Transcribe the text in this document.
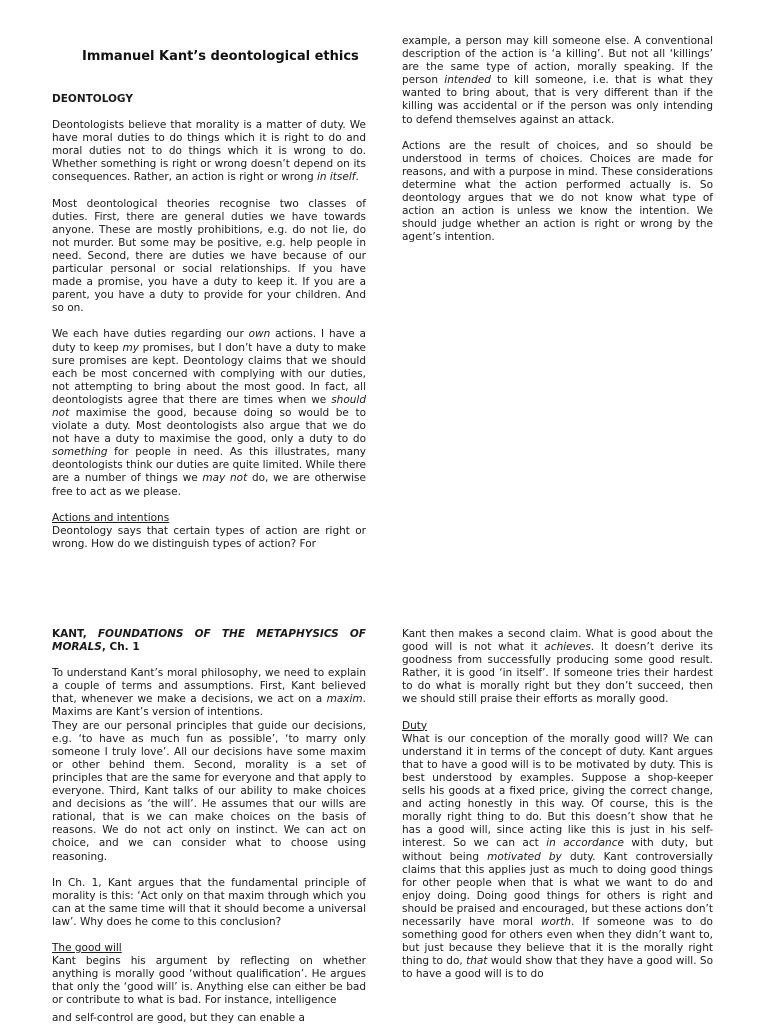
Immanuel Kant’s deontological ethics

DEONTOLOGY

Deontologists believe that morality is a matter of duty. We have moral duties to do things which it is right to do and moral duties not to do things which it is wrong to do. Whether something is right or wrong doesn’t depend on its consequences. Rather, an action is right or wrong in itself.

Most deontological theories recognise two classes of duties. First, there are general duties we have towards anyone. These are mostly prohibitions, e.g. do not lie, do not murder. But some may be positive, e.g. help people in need. Second, there are duties we have because of our particular personal or social relationships. If you have made a promise, you have a duty to keep it. If you are a parent, you have a duty to provide for your children. And so on.

We each have duties regarding our own actions. I have a duty to keep my promises, but I don’t have a duty to make sure promises are kept. Deontology claims that we should each be most concerned with complying with our duties, not attempting to bring about the most good. In fact, all deontologists agree that there are times when we should not maximise the good, because doing so would be to violate a duty. Most deontologists also argue that we do not have a duty to maximise the good, only a duty to do something for people in need. As this illustrates, many deontologists think our duties are quite limited. While there are a number of things we may not do, we are otherwise free to act as we please.

Actions and intentions

Deontology says that certain types of action are right or wrong. How do we distinguish types of action? For

example, a person may kill someone else. A conventional description of the action is ‘a killing’. But not all ‘killings’ are the same type of action, morally speaking. If the person intended to kill someone, i.e. that is what they wanted to bring about, that is very different than if the killing was accidental or if the person was only intending to defend themselves against an attack.

Actions are the result of choices, and so should be understood in terms of choices. Choices are made for reasons, and with a purpose in mind. These considerations determine what the action performed actually is. So deontology argues that we do not know what type of action an action is unless we know the intention. We should judge whether an action is right or wrong by the agent’s intention.

KANT, FOUNDATIONS OF THE METAPHYSICS OF MORALS, Ch. 1

To understand Kant’s moral philosophy, we need to explain a couple of terms and assumptions. First, Kant believed that, whenever we make a decisions, we act on a maxim. Maxims are Kant’s version of intentions.

They are our personal principles that guide our decisions, e.g. ‘to have as much fun as possible’, ‘to marry only someone I truly love’. All our decisions have some maxim or other behind them. Second, morality is a set of principles that are the same for everyone and that apply to everyone. Third, Kant talks of our ability to make choices and decisions as ‘the will’. He assumes that our wills are rational, that is we can make choices on the basis of reasons. We do not act only on instinct. We can act on choice, and we can consider what to choose using reasoning.

In Ch. 1, Kant argues that the fundamental principle of morality is this: ‘Act only on that maxim through which you can at the same time will that it should become a universal law’. Why does he come to this conclusion?

The good will

Kant begins his argument by reflecting on whether anything is morally good ‘without qualification’. He argues that only the ‘good will’ is. Anything else can either be bad or contribute to what is bad. For instance, intelligence

and self-control are good, but they can enable a

Kant then makes a second claim. What is good about the good will is not what it achieves. It doesn’t derive its goodness from successfully producing some good result. Rather, it is good ‘in itself’. If someone tries their hardest to do what is morally right but they don’t succeed, then we should still praise their efforts as morally good.

Duty

What is our conception of the morally good will? We can understand it in terms of the concept of duty. Kant argues that to have a good will is to be motivated by duty. This is best understood by examples. Suppose a shop-keeper sells his goods at a fixed price, giving the correct change, and acting honestly in this way. Of course, this is the morally right thing to do. But this doesn’t show that he has a good will, since acting like this is just in his self-interest. So we can act in accordance with duty, but without being motivated by duty. Kant controversially claims that this applies just as much to doing good things for other people when that is what we want to do and enjoy doing. Doing good things for others is right and should be praised and encouraged, but these actions don’t necessarily have moral worth. If someone was to do something good for others even when they didn’t want to, but just because they believe that it is the morally right thing to do, that would show that they have a good will. So to have a good will is to do
